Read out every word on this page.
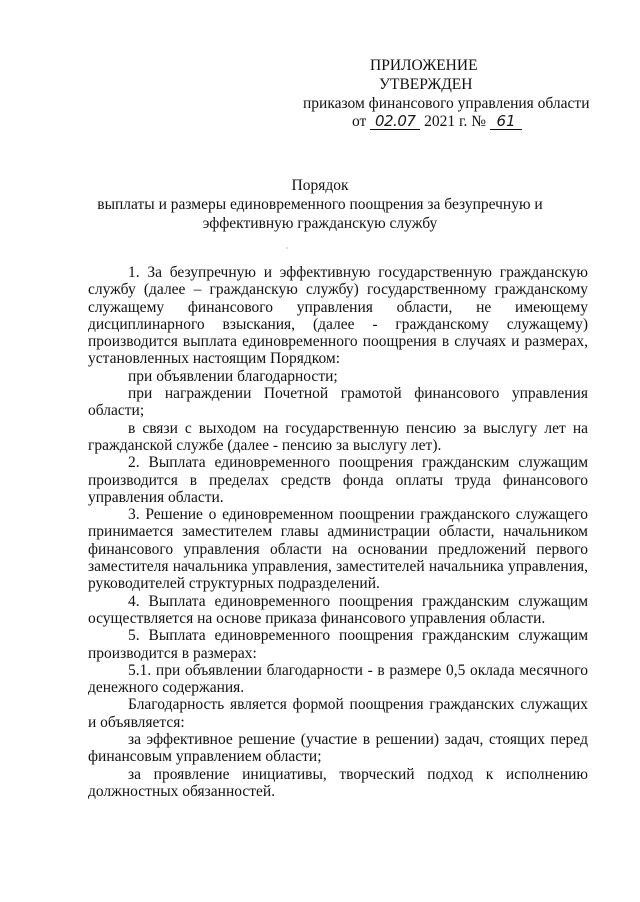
ПРИЛОЖЕНИЕ
УТВЕРЖДЕН
приказом финансового управления области
от 02.07 2021 г. № 61
Порядок
выплаты и размеры единовременного поощрения за безупречную и
эффективную гражданскую службу

1. За безупречную и эффективную государственную гражданскую службу (далее – гражданскую службу) государственному гражданскому служащему финансового управления области, не имеющему дисциплинарного взыскания, (далее - гражданскому служащему) производится выплата единовременного поощрения в случаях и размерах, установленных настоящим Порядком:

при объявлении благодарности;

при награждении Почетной грамотой финансового управления области;

в связи с выходом на государственную пенсию за выслугу лет на гражданской службе (далее - пенсию за выслугу лет).

2. Выплата единовременного поощрения гражданским служащим производится в пределах средств фонда оплаты труда финансового управления области.

3. Решение о единовременном поощрении гражданского служащего принимается заместителем главы администрации области, начальником финансового управления области на основании предложений первого заместителя начальника управления, заместителей начальника управления, руководителей структурных подразделений.

4. Выплата единовременного поощрения гражданским служащим осуществляется на основе приказа финансового управления области.

5. Выплата единовременного поощрения гражданским служащим производится в размерах:

5.1. при объявлении благодарности - в размере 0,5 оклада месячного денежного содержания.

Благодарность является формой поощрения гражданских служащих и объявляется:

за эффективное решение (участие в решении) задач, стоящих перед финансовым управлением области;

за проявление инициативы, творческий подход к исполнению должностных обязанностей.
